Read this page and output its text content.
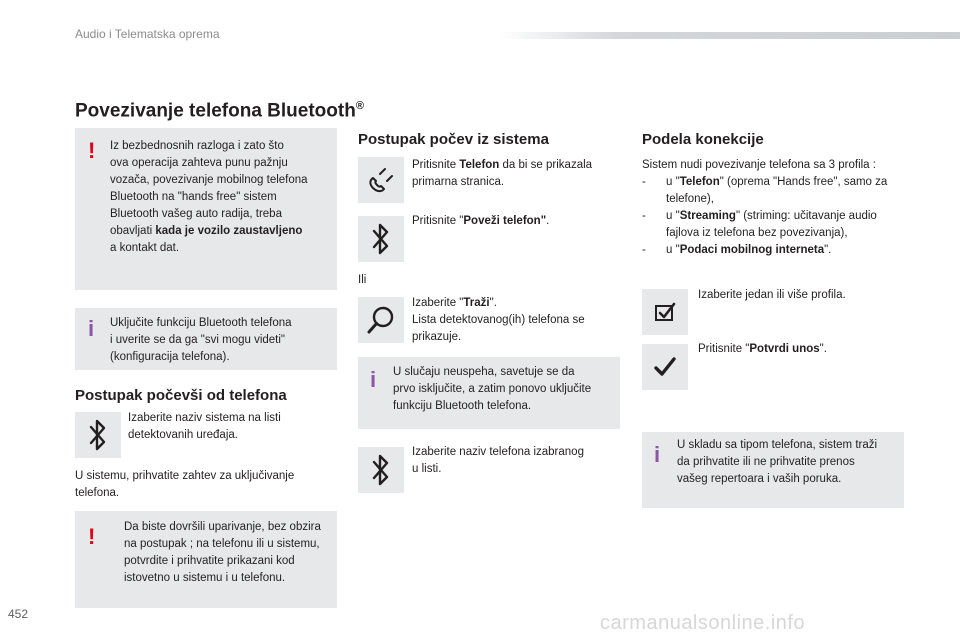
Audio i Telematska oprema
Povezivanje telefona Bluetooth®
! Iz bezbednosnih razloga i zato što
ova operacija zahteva punu pažnju
vozača, povezivanje mobilnog telefona
Bluetooth na "hands free" sistem
Bluetooth vašeg auto radija, treba
obavljati kada je vozilo zaustavljeno
a kontakt dat.
i Uključite funkciju Bluetooth telefona
i uverite se da ga "svi mogu videti"
(konfiguracija telefona).
Postupak počevši od telefona
Izaberite naziv sistema na listi
detektovanih uređaja.
U sistemu, prihvatite zahtev za uključivanje
telefona.
! Da biste dovršili uparivanje, bez obzira
na postupak ; na telefonu ili u sistemu,
potvrdite i prihvatite prikazani kod
istovetno u sistemu i u telefonu.
Postupak počev iz sistema
Pritisnite Telefon da bi se prikazala
primarna stranica.
Pritisnite "Poveži telefon".
Ili
Izaberite "Traži".
Lista detektovanog(ih) telefona se
prikazuje.
i U slučaju neuspeha, savetuje se da
prvo isključite, a zatim ponovo uključite
funkciju Bluetooth telefona.
Izaberite naziv telefona izabranog
u listi.
Podela konekcije
Sistem nudi povezivanje telefona sa 3 profila :
- u "Telefon" (oprema "Hands free", samo za
telefone),
- u "Streaming" (striming: učitavanje audio
fajlova iz telefona bez povezivanja),
- u "Podaci mobilnog interneta".
Izaberite jedan ili više profila.
Pritisnite "Potvrdi unos".
i U skladu sa tipom telefona, sistem traži
da prihvatite ili ne prihvatite prenos
vašeg repertoara i vaših poruka.
452	carmanualsonline.info
